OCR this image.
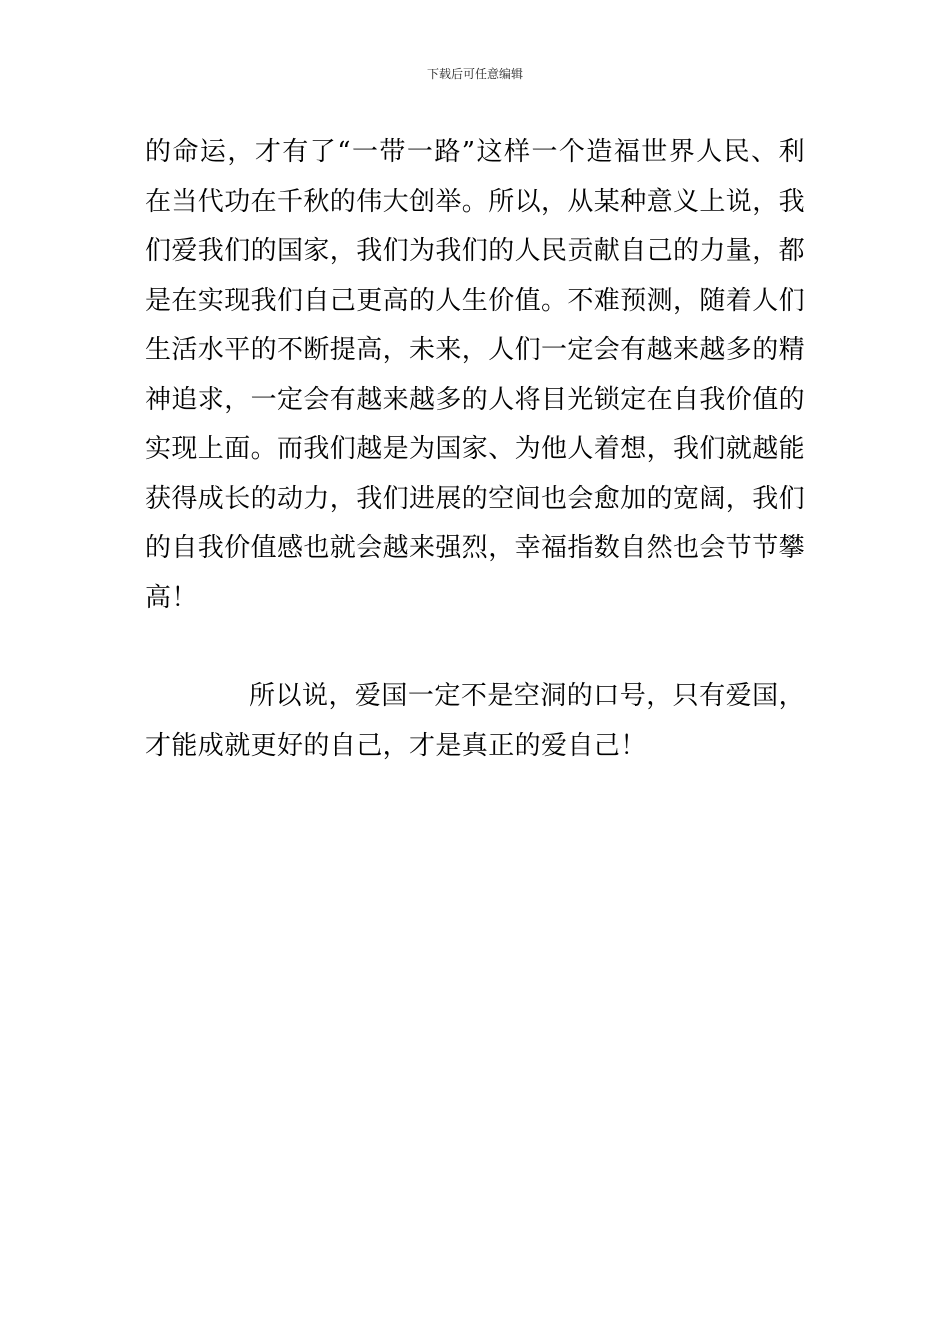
下载后可任意编辑
的命运，才有了“一带一路”这样一个造福世界人民、利
在当代功在千秋的伟大创举。所以，从某种意义上说，我
们爱我们的国家，我们为我们的人民贡献自己的力量，都
是在实现我们自己更高的人生价值。不难预测，随着人们
生活水平的不断提高，未来，人们一定会有越来越多的精
神追求，一定会有越来越多的人将目光锁定在自我价值的
实现上面。而我们越是为国家、为他人着想，我们就越能
获得成长的动力，我们进展的空间也会愈加的宽阔，我们
的自我价值感也就会越来强烈，幸福指数自然也会节节攀
高！
所以说，爱国一定不是空洞的口号，只有爱国，
才能成就更好的自己，才是真正的爱自己！
